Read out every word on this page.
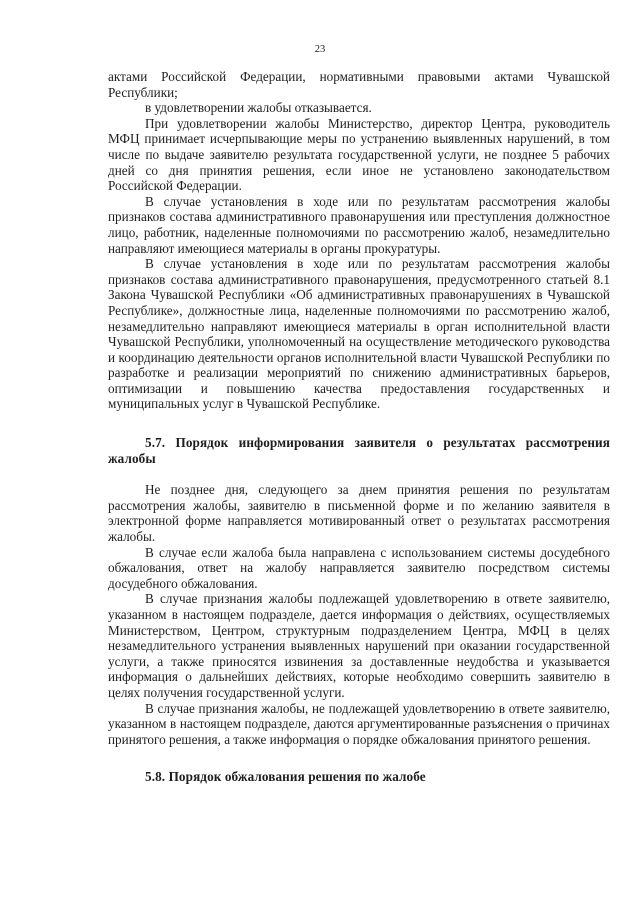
23

актами Российской Федерации, нормативными правовыми актами Чувашской Республики;

в удовлетворении жалобы отказывается.

При удовлетворении жалобы Министерство, директор Центра, руководитель МФЦ принимает исчерпывающие меры по устранению выявленных нарушений, в том числе по выдаче заявителю результата государственной услуги, не позднее 5 рабочих дней со дня принятия решения, если иное не установлено законодательством Российской Федерации.

В случае установления в ходе или по результатам рассмотрения жалобы признаков состава административного правонарушения или преступления должностное лицо, работник, наделенные полномочиями по рассмотрению жалоб, незамедлительно направляют имеющиеся материалы в органы прокуратуры.

В случае установления в ходе или по результатам рассмотрения жалобы признаков состава административного правонарушения, предусмотренного статьей 8.1 Закона Чувашской Республики «Об административных правонарушениях в Чувашской Республике», должностные лица, наделенные полномочиями по рассмотрению жалоб, незамедлительно направляют имеющиеся материалы в орган исполнительной власти Чувашской Республики, уполномоченный на осуществление методического руководства и координацию деятельности органов исполнительной власти Чувашской Республики по разработке и реализации мероприятий по снижению административных барьеров, оптимизации и повышению качества предоставления государственных и муниципальных услуг в Чувашской Республике.

5.7. Порядок информирования заявителя о результатах рассмотрения жалобы

Не позднее дня, следующего за днем принятия решения по результатам рассмотрения жалобы, заявителю в письменной форме и по желанию заявителя в электронной форме направляется мотивированный ответ о результатах рассмотрения жалобы.

В случае если жалоба была направлена с использованием системы досудебного обжалования, ответ на жалобу направляется заявителю посредством системы досудебного обжалования.

В случае признания жалобы подлежащей удовлетворению в ответе заявителю, указанном в настоящем подразделе, дается информация о действиях, осуществляемых Министерством, Центром, структурным подразделением Центра, МФЦ в целях незамедлительного устранения выявленных нарушений при оказании государственной услуги, а также приносятся извинения за доставленные неудобства и указывается информация о дальнейших действиях, которые необходимо совершить заявителю в целях получения государственной услуги.

В случае признания жалобы, не подлежащей удовлетворению в ответе заявителю, указанном в настоящем подразделе, даются аргументированные разъяснения о причинах принятого решения, а также информация о порядке обжалования принятого решения.

5.8. Порядок обжалования решения по жалобе
